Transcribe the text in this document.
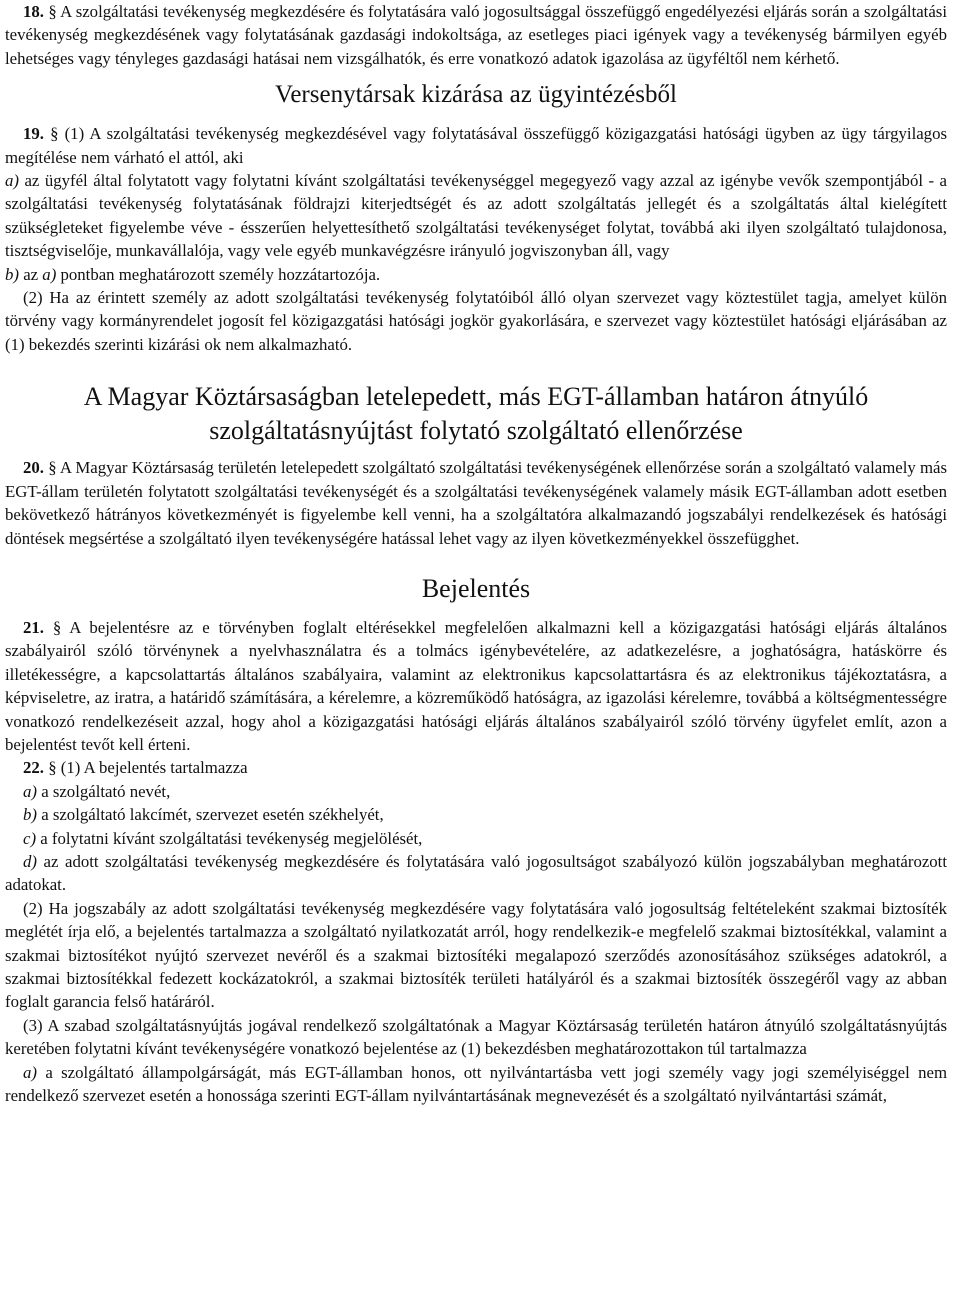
18. § A szolgáltatási tevékenység megkezdésére és folytatására való jogosultsággal összefüggő engedélyezési eljárás során a szolgáltatási tevékenység megkezdésének vagy folytatásának gazdasági indokoltsága, az esetleges piaci igények vagy a tevékenység bármilyen egyéb lehetséges vagy tényleges gazdasági hatásai nem vizsgálhatók, és erre vonatkozó adatok igazolása az ügyféltől nem kérhető.

Versenytársak kizárása az ügyintézésből

19. § (1) A szolgáltatási tevékenység megkezdésével vagy folytatásával összefüggő közigazgatási hatósági ügyben az ügy tárgyilagos megítélése nem várható el attól, aki

a) az ügyfél által folytatott vagy folytatni kívánt szolgáltatási tevékenységgel megegyező vagy azzal az igénybe vevők szempontjából - a szolgáltatási tevékenység folytatásának földrajzi kiterjedtségét és az adott szolgáltatás jellegét és a szolgáltatás által kielégített szükségleteket figyelembe véve - ésszerűen helyettesíthető szolgáltatási tevékenységet folytat, továbbá aki ilyen szolgáltató tulajdonosa, tisztségviselője, munkavállalója, vagy vele egyéb munkavégzésre irányuló jogviszonyban áll, vagy

b) az a) pontban meghatározott személy hozzátartozója.

(2) Ha az érintett személy az adott szolgáltatási tevékenység folytatóiból álló olyan szervezet vagy köztestület tagja, amelyet külön törvény vagy kormányrendelet jogosít fel közigazgatási hatósági jogkör gyakorlására, e szervezet vagy köztestület hatósági eljárásában az (1) bekezdés szerinti kizárási ok nem alkalmazható.

A Magyar Köztársaságban letelepedett, más EGT-államban határon átnyúló
szolgáltatásnyújtást folytató szolgáltató ellenőrzése

20. § A Magyar Köztársaság területén letelepedett szolgáltató szolgáltatási tevékenységének ellenőrzése során a szolgáltató valamely más EGT-állam területén folytatott szolgáltatási tevékenységét és a szolgáltatási tevékenységének valamely másik EGT-államban adott esetben bekövetkező hátrányos következményét is figyelembe kell venni, ha a szolgáltatóra alkalmazandó jogszabályi rendelkezések és hatósági döntések megsértése a szolgáltató ilyen tevékenységére hatással lehet vagy az ilyen következményekkel összefügghet.

Bejelentés

21. § A bejelentésre az e törvényben foglalt eltérésekkel megfelelően alkalmazni kell a közigazgatási hatósági eljárás általános szabályairól szóló törvénynek a nyelvhasználatra és a tolmács igénybevételére, az adatkezelésre, a joghatóságra, hatáskörre és illetékességre, a kapcsolattartás általános szabályaira, valamint az elektronikus kapcsolattartásra és az elektronikus tájékoztatásra, a képviseletre, az iratra, a határidő számítására, a kérelemre, a közreműködő hatóságra, az igazolási kérelemre, továbbá a költségmentességre vonatkozó rendelkezéseit azzal, hogy ahol a közigazgatási hatósági eljárás általános szabályairól szóló törvény ügyfelet említ, azon a bejelentést tevőt kell érteni.

22. § (1) A bejelentés tartalmazza

a) a szolgáltató nevét,

b) a szolgáltató lakcímét, szervezet esetén székhelyét,

c) a folytatni kívánt szolgáltatási tevékenység megjelölését,

d) az adott szolgáltatási tevékenység megkezdésére és folytatására való jogosultságot szabályozó külön jogszabályban meghatározott adatokat.

(2) Ha jogszabály az adott szolgáltatási tevékenység megkezdésére vagy folytatására való jogosultság feltételeként szakmai biztosíték meglétét írja elő, a bejelentés tartalmazza a szolgáltató nyilatkozatát arról, hogy rendelkezik-e megfelelő szakmai biztosítékkal, valamint a szakmai biztosítékot nyújtó szervezet nevéről és a szakmai biztosítéki megalapozó szerződés azonosításához szükséges adatokról, a szakmai biztosítékkal fedezett kockázatokról, a szakmai biztosíték területi hatályáról és a szakmai biztosíték összegéről vagy az abban foglalt garancia felső határáról.

(3) A szabad szolgáltatásnyújtás jogával rendelkező szolgáltatónak a Magyar Köztársaság területén határon átnyúló szolgáltatásnyújtás keretében folytatni kívánt tevékenységére vonatkozó bejelentése az (1) bekezdésben meghatározottakon túl tartalmazza

a) a szolgáltató állampolgárságát, más EGT-államban honos, ott nyilvántartásba vett jogi személy vagy jogi személyiséggel nem rendelkező szervezet esetén a honossága szerinti EGT-állam nyilvántartásának megnevezését és a szolgáltató nyilvántartási számát,
